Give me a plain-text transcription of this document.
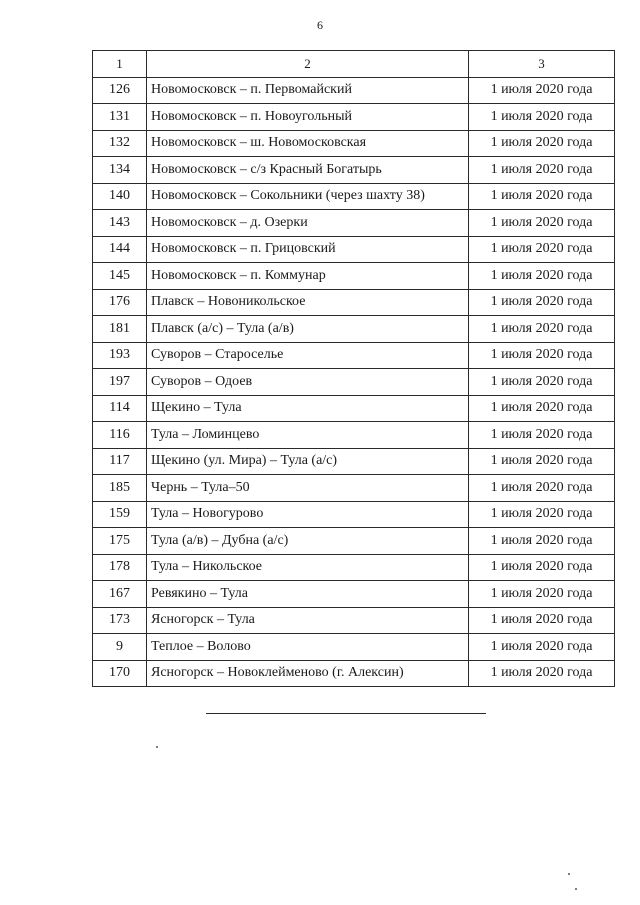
6
1	2	3
126	Новомосковск – п. Первомайский	1 июля 2020 года
131	Новомосковск – п. Новоугольный	1 июля 2020 года
132	Новомосковск – ш. Новомосковская	1 июля 2020 года
134	Новомосковск – с/з Красный Богатырь	1 июля 2020 года
140	Новомосковск – Сокольники (через шахту 38)	1 июля 2020 года
143	Новомосковск – д. Озерки	1 июля 2020 года
144	Новомосковск – п. Грицовский	1 июля 2020 года
145	Новомосковск – п. Коммунар	1 июля 2020 года
176	Плавск – Новоникольское	1 июля 2020 года
181	Плавск (а/с) – Тула (а/в)	1 июля 2020 года
193	Суворов – Староселье	1 июля 2020 года
197	Суворов – Одоев	1 июля 2020 года
114	Щекино – Тула	1 июля 2020 года
116	Тула – Ломинцево	1 июля 2020 года
117	Щекино (ул. Мира) – Тула (а/с)	1 июля 2020 года
185	Чернь – Тула–50	1 июля 2020 года
159	Тула – Новогурово	1 июля 2020 года
175	Тула (а/в) – Дубна (а/с)	1 июля 2020 года
178	Тула – Никольское	1 июля 2020 года
167	Ревякино – Тула	1 июля 2020 года
173	Ясногорск – Тула	1 июля 2020 года
9	Теплое – Волово	1 июля 2020 года
170	Ясногорск – Новоклейменово (г. Алексин)	1 июля 2020 года
